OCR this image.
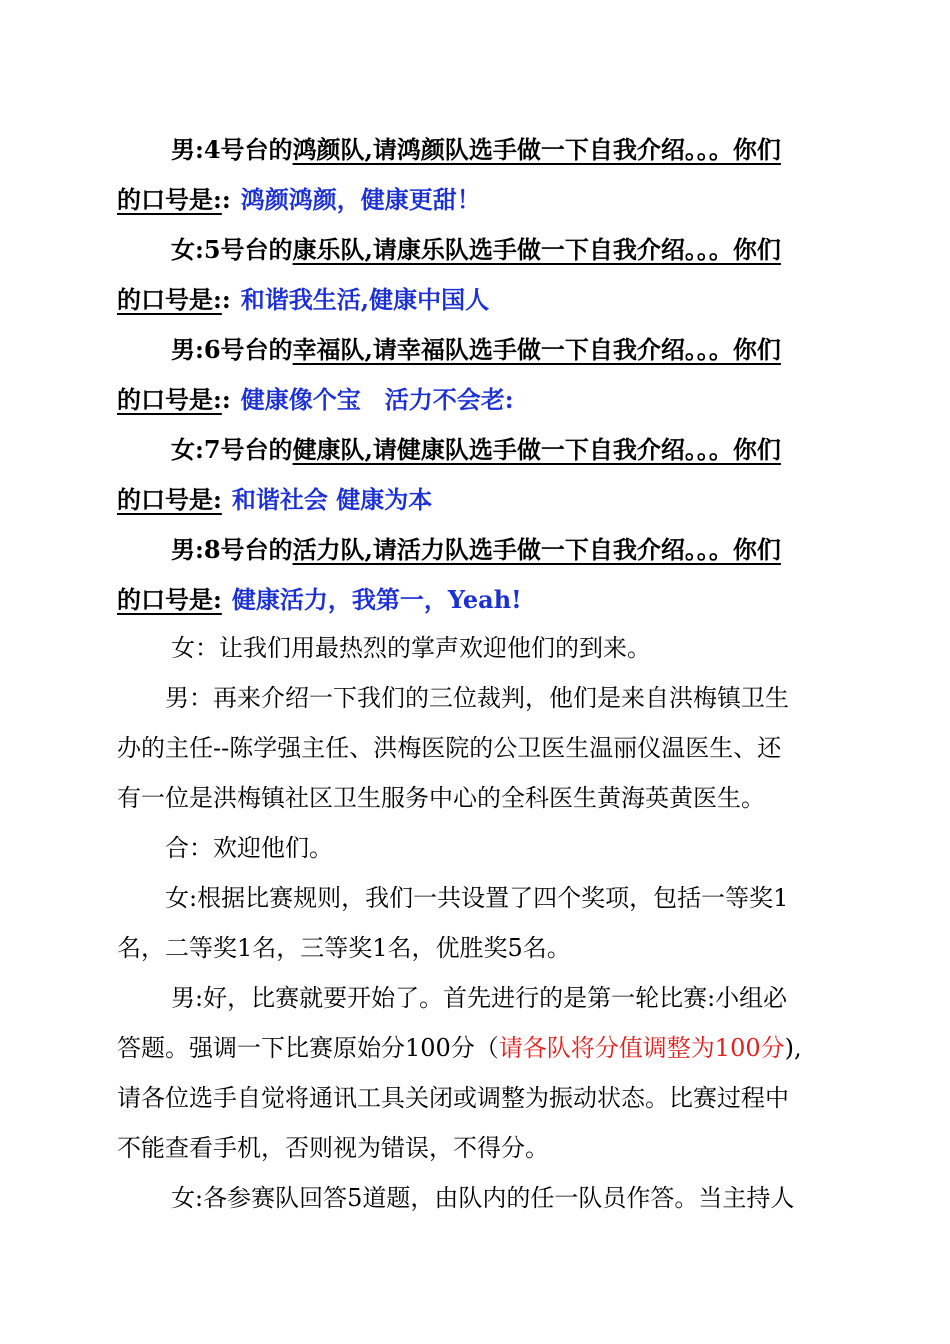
男:4号台的鸿颜队,请鸿颜队选手做一下自我介绍。。。你们
的口号是:: 鸿颜鸿颜，健康更甜！
女:5号台的康乐队,请康乐队选手做一下自我介绍。。。你们
的口号是:: 和谐我生活,健康中国人
男:6号台的幸福队,请幸福队选手做一下自我介绍。。。你们
的口号是:: 健康像个宝　活力不会老:
女:7号台的健康队,请健康队选手做一下自我介绍。。。你们
的口号是: 和谐社会 健康为本
男:8号台的活力队,请活力队选手做一下自我介绍。。。你们
的口号是: 健康活力，我第一，Yeah!
女：让我们用最热烈的掌声欢迎他们的到来。
男：再来介绍一下我们的三位裁判，他们是来自洪梅镇卫生
办的主任--陈学强主任、洪梅医院的公卫医生温丽仪温医生、还
有一位是洪梅镇社区卫生服务中心的全科医生黄海英黄医生。
合：欢迎他们。
女:根据比赛规则，我们一共设置了四个奖项，包括一等奖1
名，二等奖1名，三等奖1名，优胜奖5名。
男:好，比赛就要开始了。首先进行的是第一轮比赛:小组必
答题。强调一下比赛原始分100分（请各队将分值调整为100分),
请各位选手自觉将通讯工具关闭或调整为振动状态。比赛过程中
不能查看手机，否则视为错误，不得分。
女:各参赛队回答5道题，由队内的任一队员作答。当主持人
